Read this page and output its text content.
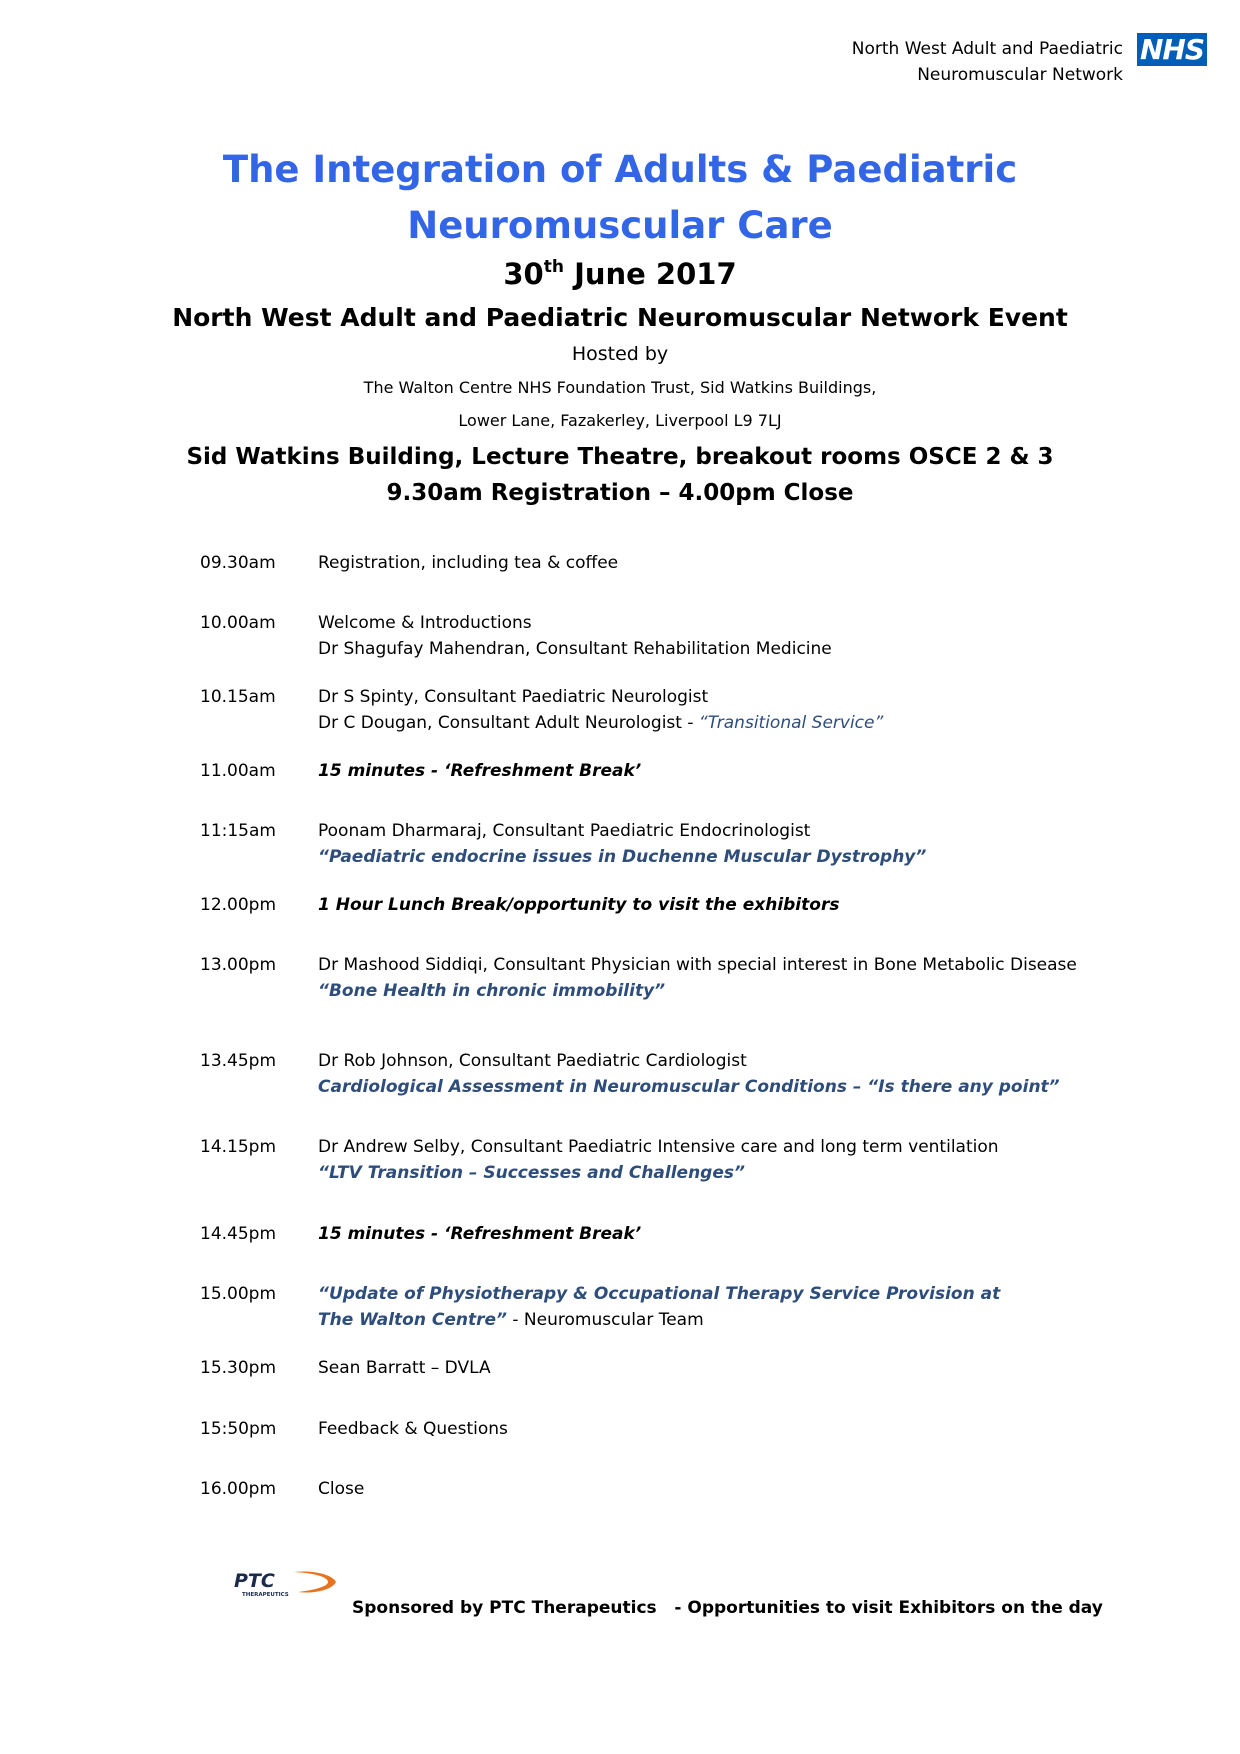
North West Adult and Paediatric
Neuromuscular Network
NHS
The Integration of Adults & Paediatric
Neuromuscular Care
30th June 2017
North West Adult and Paediatric Neuromuscular Network Event
Hosted by
The Walton Centre NHS Foundation Trust, Sid Watkins Buildings,
Lower Lane, Fazakerley, Liverpool L9 7LJ
Sid Watkins Building, Lecture Theatre, breakout rooms OSCE 2 & 3
9.30am Registration – 4.00pm Close
09.30am	Registration, including tea & coffee
10.00am	Welcome & Introductions
Dr Shagufay Mahendran, Consultant Rehabilitation Medicine
10.15am	Dr S Spinty, Consultant Paediatric Neurologist
Dr C Dougan, Consultant Adult Neurologist - “Transitional Service”
11.00am	15 minutes - ‘Refreshment Break’
11:15am	Poonam Dharmaraj, Consultant Paediatric Endocrinologist
“Paediatric endocrine issues in Duchenne Muscular Dystrophy”
12.00pm	1 Hour Lunch Break/opportunity to visit the exhibitors
13.00pm	Dr Mashood Siddiqi, Consultant Physician with special interest in Bone Metabolic Disease
“Bone Health in chronic immobility”
13.45pm	Dr Rob Johnson, Consultant Paediatric Cardiologist
Cardiological Assessment in Neuromuscular Conditions – “Is there any point”
14.15pm	Dr Andrew Selby, Consultant Paediatric Intensive care and long term ventilation
“LTV Transition – Successes and Challenges”
14.45pm	15 minutes - ‘Refreshment Break’
15.00pm	“Update of Physiotherapy & Occupational Therapy Service Provision at
The Walton Centre” - Neuromuscular Team
15.30pm	Sean Barratt – DVLA
15:50pm	Feedback & Questions
16.00pm	Close
PTC
THERAPEUTICS
Sponsored by PTC Therapeutics   - Opportunities to visit Exhibitors on the day
